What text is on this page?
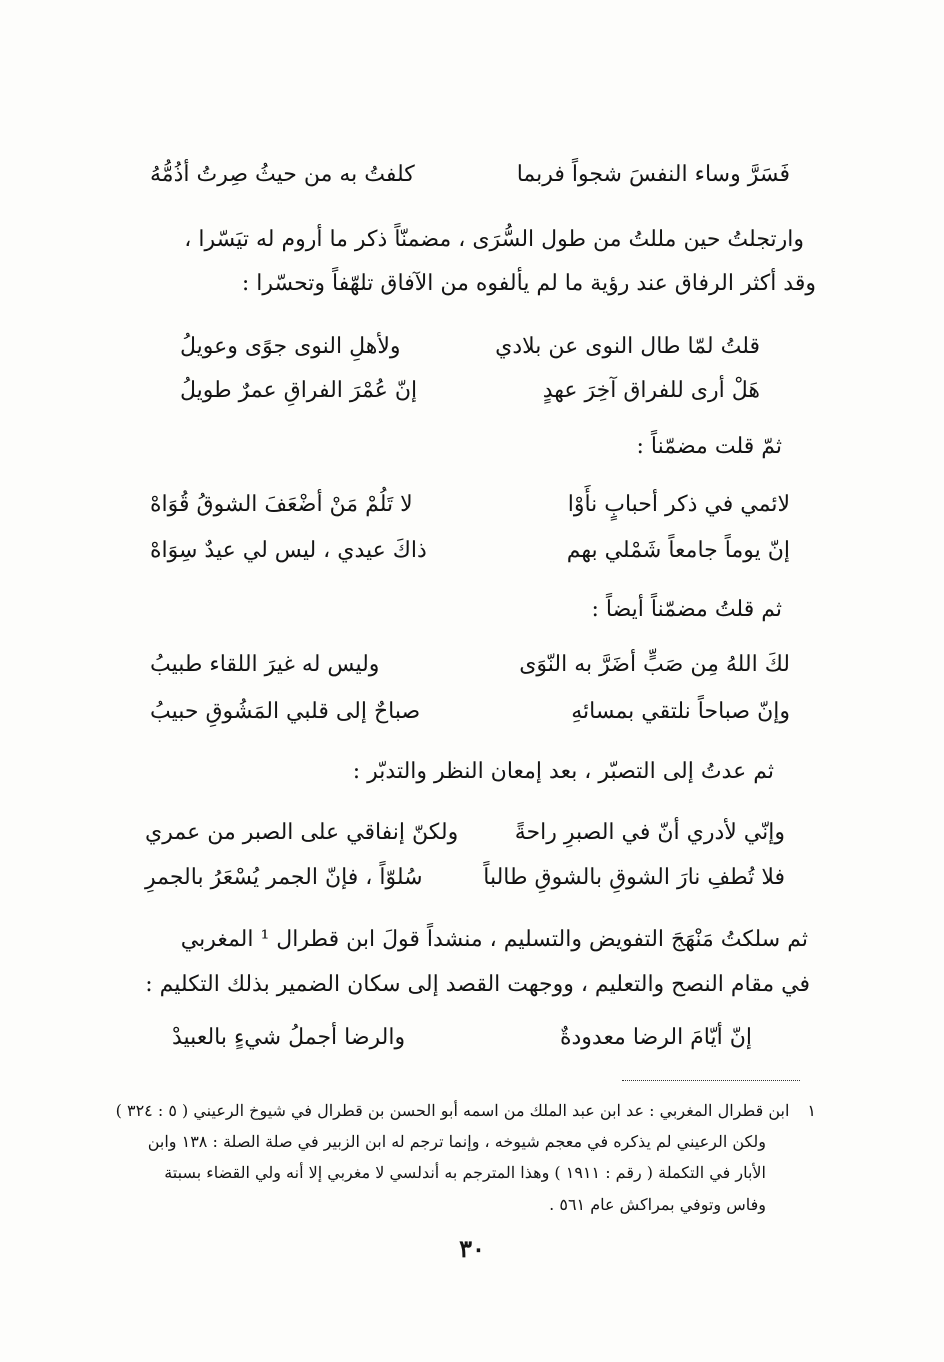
فَسَرَّ وساء النفسَ شجواً فربما
كلفتُ به من حيثُ صِرتُ أذُمُّهُ
وارتجلتُ حين مللتُ من طول السُّرَى ، مضمنّاً ذكر ما أروم له تيَسّرا ،
وقد أكثر الرفاق عند رؤية ما لم يألفوه من الآفاق تلهّفاً وتحسّرا :
قلتُ لمّا طال النوى عن بلادي
ولأهلِ النوى جوًى وعويلُ
هَلْ أرى للفراق آخِرَ عهدٍ
إنّ عُمْرَ الفراقِ عمرٌ طويلُ
ثمّ قلت مضمّناً :
لائمي في ذكر أحبابٍ نأَوْا
لا تَلُمْ مَنْ أضْعَفَ الشوقُ قُوَاهْ
إنّ يوماً جامعاً شَمْلي بهم
ذاكَ عيدي ، ليس لي عيدٌ سِوَاهْ
ثم قلتُ مضمّناً أيضاً :
لكَ اللهُ مِن صَبٍّ أضَرَّ به النّوَى
وليس له غيرَ اللقاء طبيبُ
وإنّ صباحاً نلتقي بمسائهِ
صباحٌ إلى قلبي المَشُوقِ حبيبُ
ثم عدتُ إلى التصبّر ، بعد إمعان النظر والتدبّر :
وإنّي لأدري أنّ في الصبرِ راحةً
ولكنّ إنفاقي على الصبر من عمري
فلا تُطفِ نارَ الشوقِ بالشوقِ طالباً
سُلوّاً ، فإنّ الجمر يُسْعَرُ بالجمرِ
ثم سلكتُ مَنْهَجَ التفويض والتسليم ، منشداً قولَ ابن قطرال ¹ المغربي
في مقام النصح والتعليم ، ووجهت القصد إلى سكان الضمير بذلك التكليم :
إنّ أيّامَ الرضا معدودةٌ
والرضا أجملُ شيءٍ بالعبيدْ
١ابن قطرال المغربي : عد ابن عبد الملك من اسمه أبو الحسن بن قطرال في شيوخ الرعيني ( ٥ : ٣٢٤ )
ولكن الرعيني لم يذكره في معجم شيوخه ، وإنما ترجم له ابن الزبير في صلة الصلة : ١٣٨ وابن
الأبار في التكملة ( رقم : ١٩١١ ) وهذا المترجم به أندلسي لا مغربي إلا أنه ولي القضاء بسبتة
وفاس وتوفي بمراكش عام ٥٦١ .
٣٠
